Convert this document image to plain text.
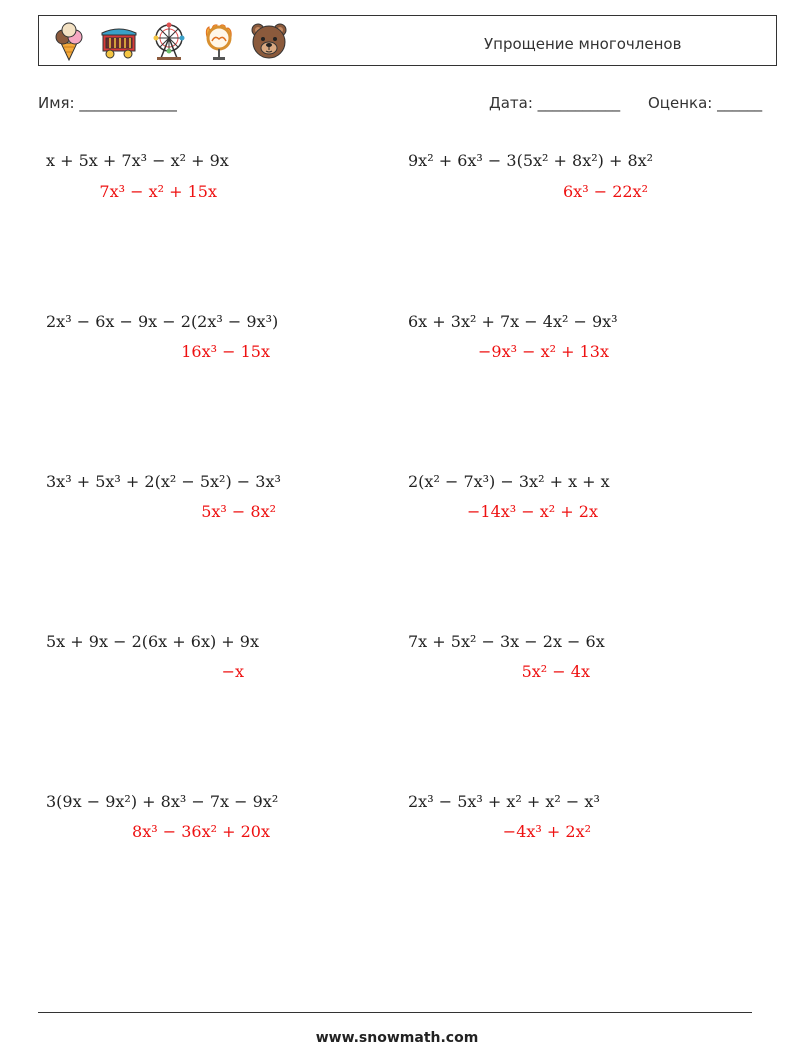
Упрощение многочленов
Имя: _____________	Дата: ___________ Оценка: ______
x + 5x + 7x³ − x² + 9x
7x³ − x² + 15x
9x² + 6x³ − 3(5x² + 8x²) + 8x²
6x³ − 22x²
2x³ − 6x − 9x − 2(2x³ − 9x³)
16x³ − 15x
6x + 3x² + 7x − 4x² − 9x³
−9x³ − x² + 13x
3x³ + 5x³ + 2(x² − 5x²) − 3x³
5x³ − 8x²
2(x² − 7x³) − 3x² + x + x
−14x³ − x² + 2x
5x + 9x − 2(6x + 6x) + 9x
−x
7x + 5x² − 3x − 2x − 6x
5x² − 4x
3(9x − 9x²) + 8x³ − 7x − 9x²
8x³ − 36x² + 20x
2x³ − 5x³ + x² + x² − x³
−4x³ + 2x²
www.snowmath.com
